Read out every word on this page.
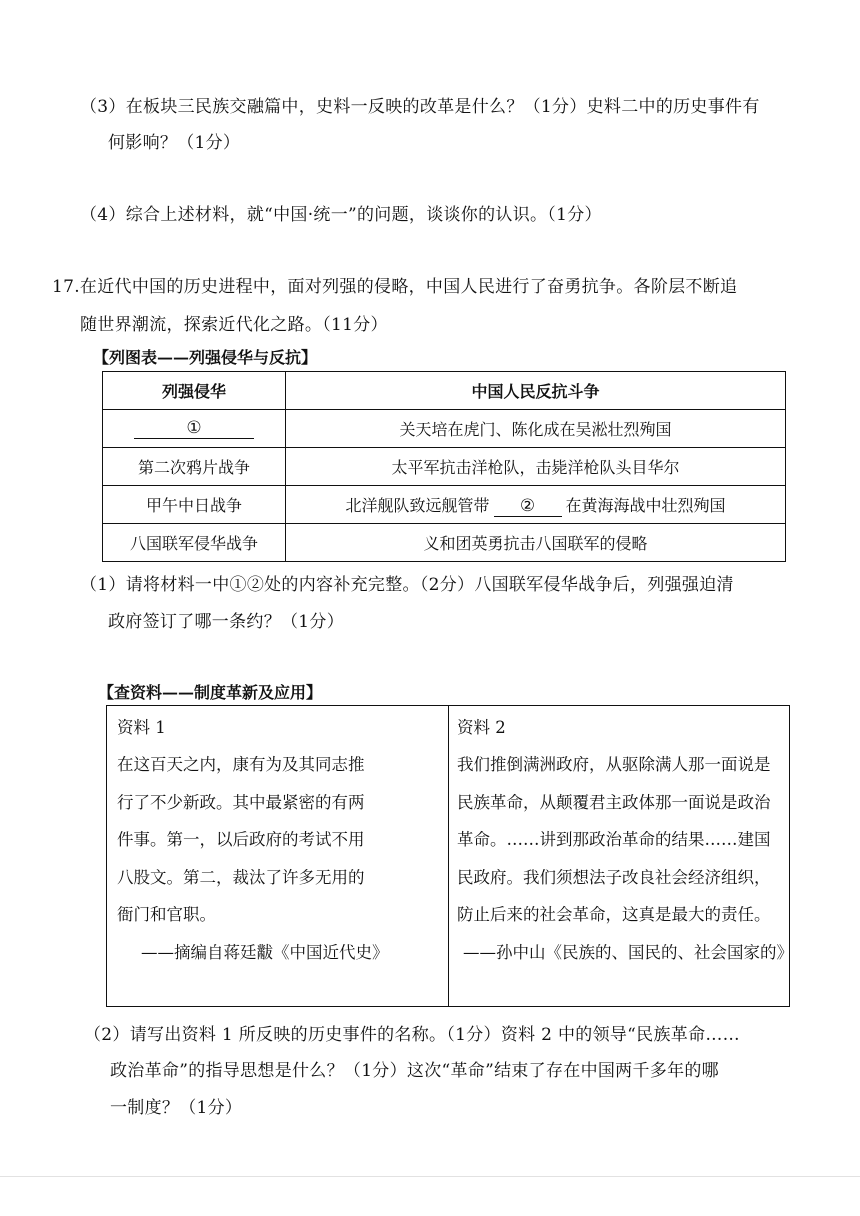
（3）在板块三民族交融篇中，史料一反映的改革是什么？（1分）史料二中的历史事件有
何影响？（1分）
（4）综合上述材料，就“中国·统一”的问题，谈谈你的认识。（1分）
17.在近代中国的历史进程中，面对列强的侵略，中国人民进行了奋勇抗争。各阶层不断追
随世界潮流，探索近代化之路。（11分）
【列图表——列强侵华与反抗】
列强侵华	中国人民反抗斗争
①	关天培在虎门、陈化成在吴淞壮烈殉国
第二次鸦片战争	太平军抗击洋枪队，击毙洋枪队头目华尔
甲午中日战争	北洋舰队致远舰管带 ② 在黄海海战中壮烈殉国
八国联军侵华战争	义和团英勇抗击八国联军的侵略
（1）请将材料一中①②处的内容补充完整。（2分）八国联军侵华战争后，列强强迫清
政府签订了哪一条约？（1分）
【查资料——制度革新及应用】

资料 1

在这百天之内，康有为及其同志推

行了不少新政。其中最紧密的有两

件事。第一，以后政府的考试不用

八股文。第二，裁汰了许多无用的

衙门和官职。

——摘编自蒋廷黻《中国近代史》

资料 2

我们推倒满洲政府，从驱除满人那一面说是

民族革命，从颠覆君主政体那一面说是政治

革命。……讲到那政治革命的结果……建国

民政府。我们须想法子改良社会经济组织，

防止后来的社会革命，这真是最大的责任。

——孙中山《民族的、国民的、社会国家的》

（2）请写出资料 1 所反映的历史事件的名称。（1分）资料 2 中的领导“民族革命……
政治革命”的指导思想是什么？（1分）这次“革命”结束了存在中国两千多年的哪
一制度？（1分）
